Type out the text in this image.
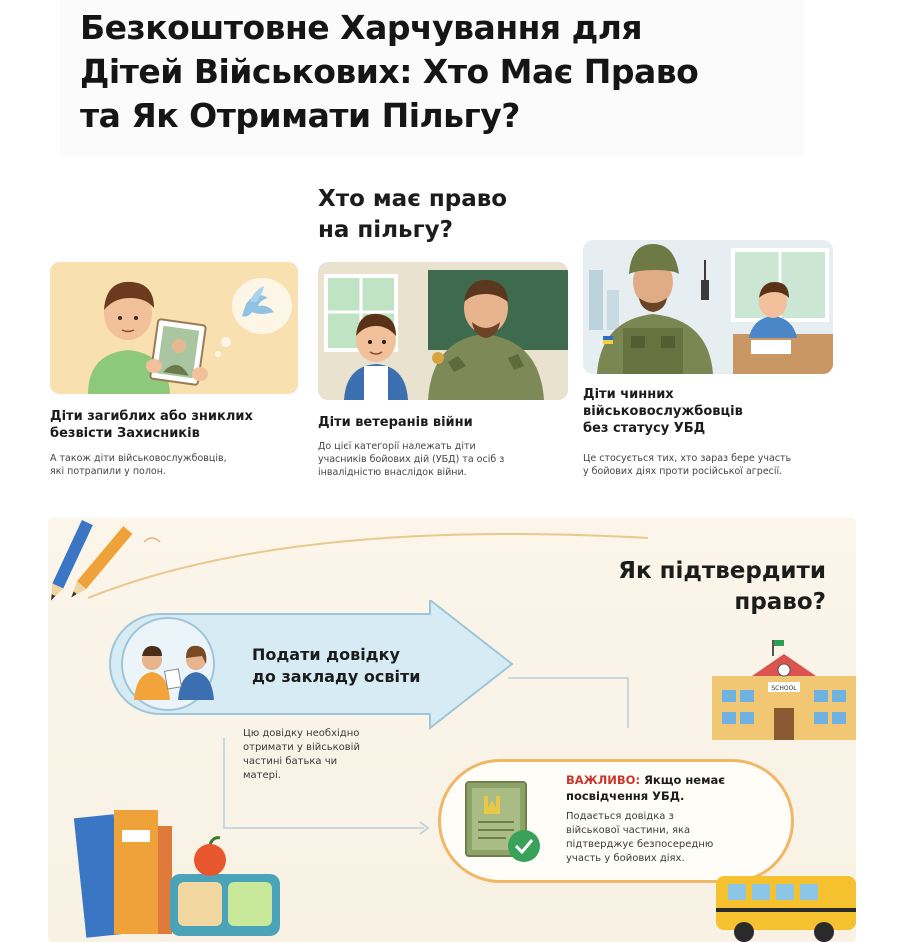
Безкоштовне Харчування для
Дітей Військових: Хто Має Право
та Як Отримати Пільгу?
Хто має право
на пільгу?
Діти загиблих або зниклих
безвісти Захисників
А також діти військовослужбовців,
які потрапили у полон.
Діти ветеранів війни
До цієї категорії належать діти
учасників бойових дій (УБД) та осіб з
інвалідністю внаслідок війни.
Діти чинних
військовослужбовців
без статусу УБД
Це стосується тих, хто зараз бере участь
у бойових діях проти російської агресії.
Як підтвердити
право?
Подати довідку
до закладу освіти
Цю довідку необхідно
отримати у військовій
частині батька чи
матері.
SCHOOL
ВАЖЛИВО: Якщо немає
посвідчення УБД.
Подається довідка з
військової частини, яка
підтверджує безпосередню
участь у бойових діях.
